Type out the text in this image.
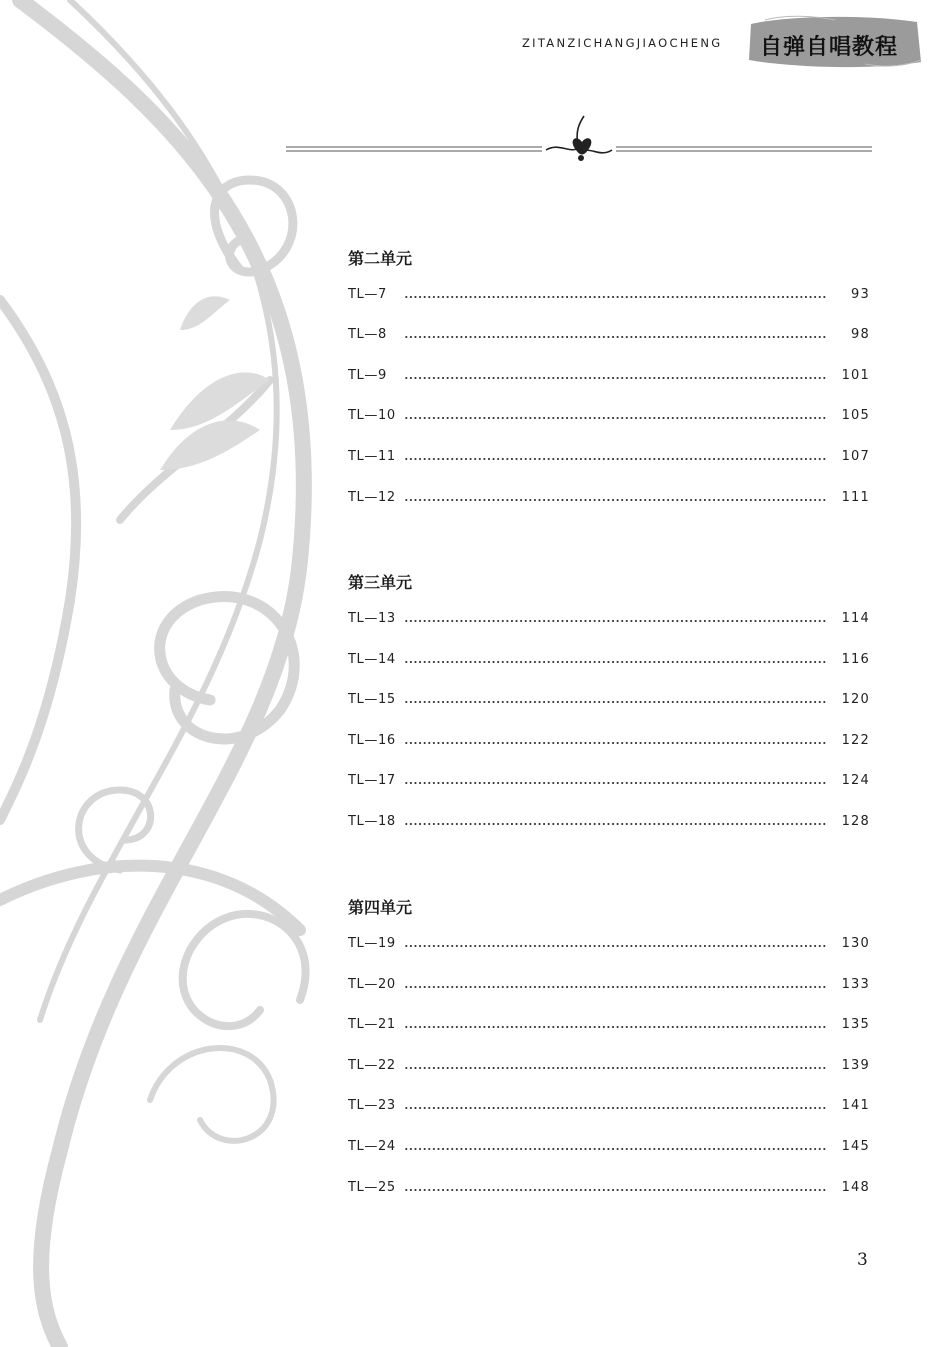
ZITANZICHANGJIAOCHENG 自弹自唱教程
第二单元
TL—7	93
TL—8	98
TL—9	101
TL—10	105
TL—11	107
TL—12	111
第三单元
TL—13	114
TL—14	116
TL—15	120
TL—16	122
TL—17	124
TL—18	128
第四单元
TL—19	130
TL—20	133
TL—21	135
TL—22	139
TL—23	141
TL—24	145
TL—25	148
3
